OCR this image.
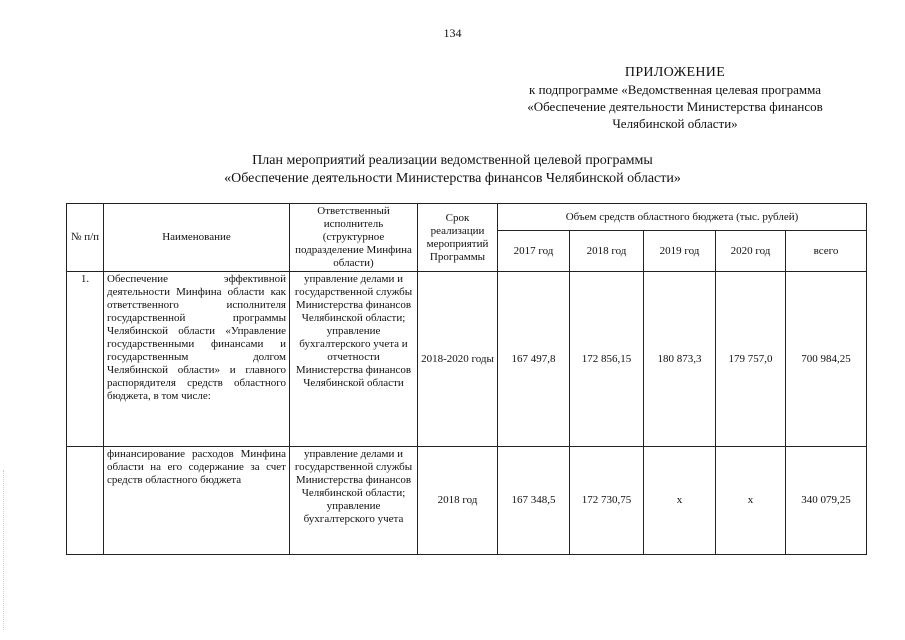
134
ПРИЛОЖЕНИЕ
к подпрограмме «Ведомственная целевая программа
«Обеспечение деятельности Министерства финансов
Челябинской области»
План мероприятий реализации ведомственной целевой программы
«Обеспечение деятельности Министерства финансов Челябинской области»
№ п/п	Наименование	Ответственный исполнитель (структурное подразделение Минфина области)	Срок реализации мероприятий Программы	Объем средств областного бюджета (тыс. рублей)				
				2017 год	2018 год	2019 год	2020 год	всего
1.	Обеспечение эффективной деятельности Минфина области как ответственного исполнителя государственной программы Челябинской области «Управление государственными финансами и государственным долгом Челябинской области» и главного распорядителя средств областного бюджета, в том числе:	управление делами и государственной службы Министерства финансов Челябинской области; управление бухгалтерского учета и отчетности Министерства финансов Челябинской области	2018-2020 годы	167 497,8	172 856,15	180 873,3	179 757,0	700 984,25
	финансирование расходов Минфина области на его содержание за счет средств областного бюджета	управление делами и государственной службы Министерства финансов Челябинской области; управление бухгалтерского учета	2018 год	167 348,5	172 730,75	х	х	340 079,25
